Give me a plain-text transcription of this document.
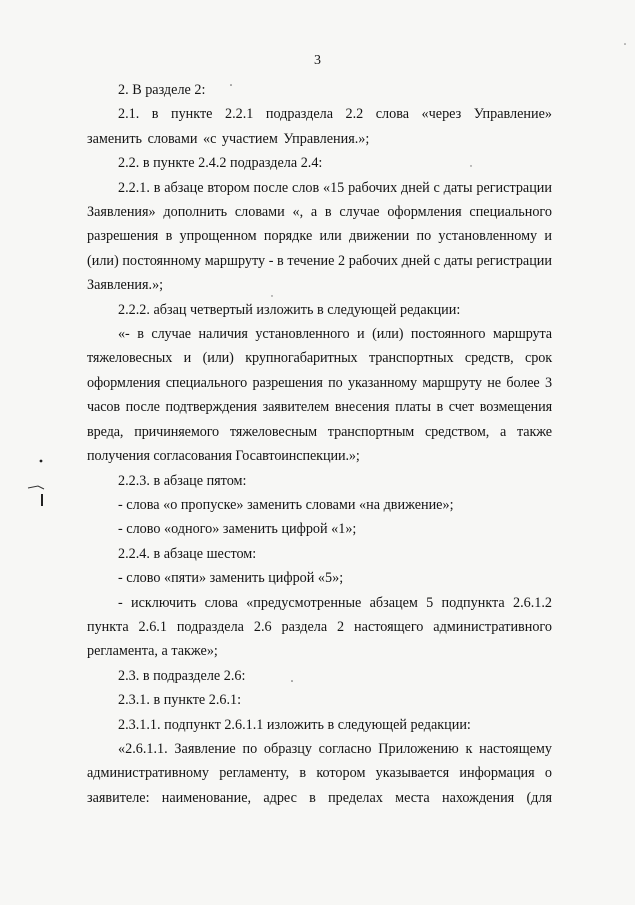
3

2. В разделе 2:

2.1. в пункте 2.2.1 подраздела 2.2 слова «через Управление» заменить словами «с участием Управления.»;

2.2. в пункте 2.4.2 подраздела 2.4:

2.2.1. в абзаце втором после слов «15 рабочих дней с даты регистрации Заявления» дополнить словами «, а в случае оформления специального разрешения в упрощенном порядке или движении по установленному и (или) постоянному маршруту - в течение 2 рабочих дней с даты регистрации Заявления.»;

2.2.2. абзац четвертый изложить в следующей редакции:

«- в случае наличия установленного и (или) постоянного маршрута тяжеловесных и (или) крупногабаритных транспортных средств, срок оформления специального разрешения по указанному маршруту не более 3 часов после подтверждения заявителем внесения платы в счет возмещения вреда, причиняемого тяжеловесным транспортным средством, а также получения согласования Госавтоинспекции.»;

2.2.3. в абзаце пятом:

- слова «о пропуске» заменить словами «на движение»;

- слово «одного» заменить цифрой «1»;

2.2.4. в абзаце шестом:

- слово «пяти» заменить цифрой «5»;

- исключить слова «предусмотренные абзацем 5 подпункта 2.6.1.2 пункта 2.6.1 подраздела 2.6 раздела 2 настоящего административного регламента, а также»;

2.3. в подразделе 2.6:

2.3.1. в пункте 2.6.1:

2.3.1.1. подпункт 2.6.1.1 изложить в следующей редакции:

«2.6.1.1. Заявление по образцу согласно Приложению к настоящему административному регламенту, в котором указывается информация о заявителе: наименование, адрес в пределах места нахождения (для
